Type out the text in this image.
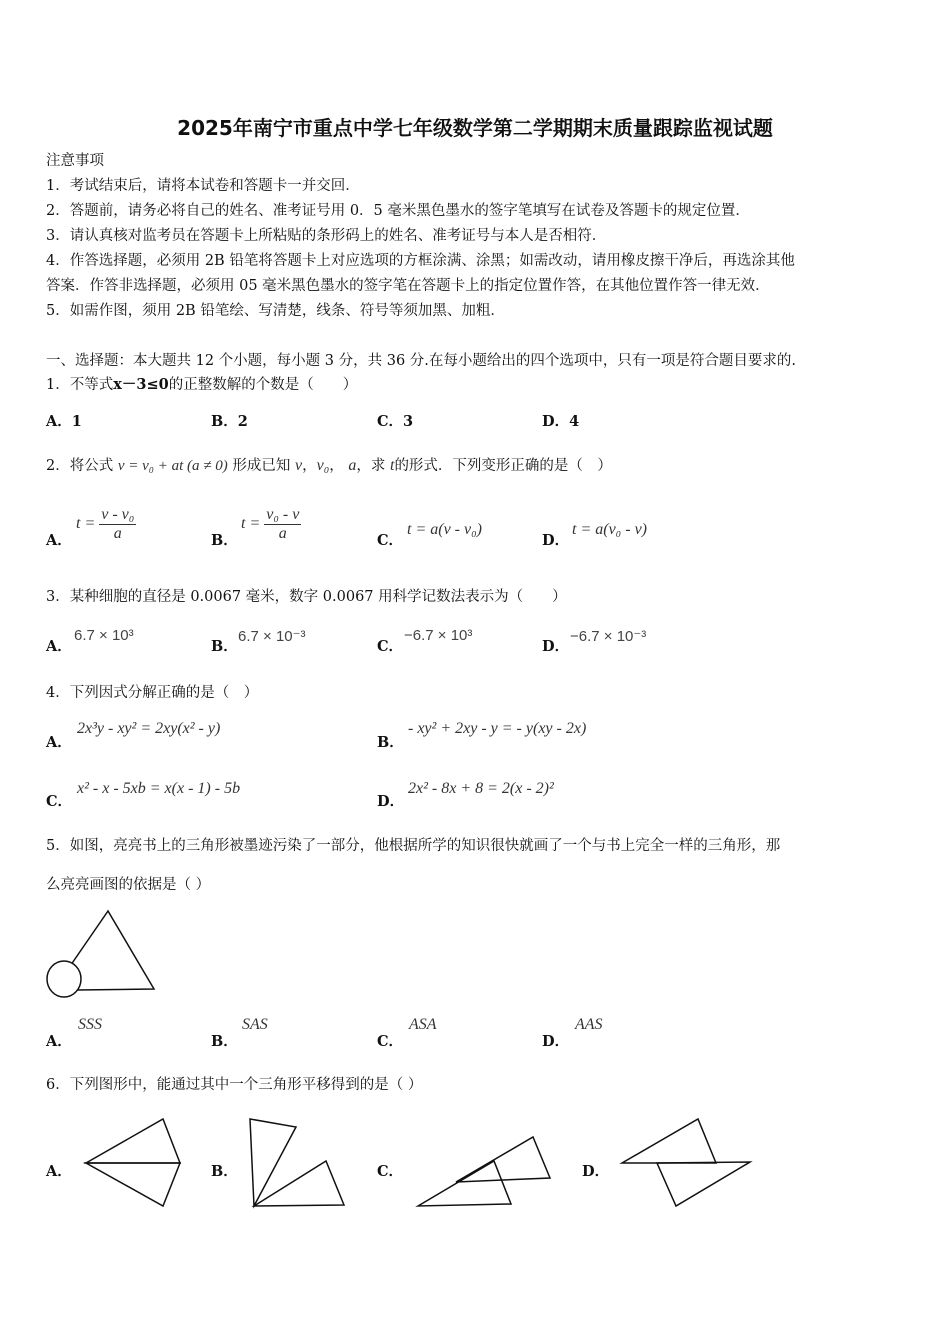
2025年南宁市重点中学七年级数学第二学期期末质量跟踪监视试题
注意事项
1．考试结束后，请将本试卷和答题卡一并交回．
2．答题前，请务必将自己的姓名、准考证号用 0．5 毫米黑色墨水的签字笔填写在试卷及答题卡的规定位置．
3．请认真核对监考员在答题卡上所粘贴的条形码上的姓名、准考证号与本人是否相符．
4．作答选择题，必须用 2B 铅笔将答题卡上对应选项的方框涂满、涂黑；如需改动，请用橡皮擦干净后，再选涂其他
答案．作答非选择题，必须用 05 毫米黑色墨水的签字笔在答题卡上的指定位置作答，在其他位置作答一律无效．
5．如需作图，须用 2B 铅笔绘、写清楚，线条、符号等须加黑、加粗．
一、选择题：本大题共 12 个小题，每小题 3 分，共 36 分.在每小题给出的四个选项中，只有一项是符合题目要求的.
1．不等式x－3≤0的正整数解的个数是（　　）
A．1	B．2	C．3	D．4
2．将公式 v = v₀ + at (a ≠ 0) 形成已知 v，v₀， a，求 t的形式．下列变形正确的是（　）
A．
$t = \frac{\text{v - v₀}}{a}$	B．
$t = \frac{\text{v₀ - v}}{a}$	C．
t = a(v - v₀)
D．
t = a(v₀ - v)
3．某种细胞的直径是 0.0067 毫米，数字 0.0067 用科学记数法表示为（　　）
A．
6.7 × 10³
B．
6.7 × 10⁻³
C．
−6.7 × 10³
D．
−6.7 × 10⁻³
4．下列因式分解正确的是（　）
A．
2x³y - xy² = 2xy(x² - y)
B．
- xy² + 2xy - y = - y(xy - 2x)
C．
x² - x - 5xb = x(x - 1) - 5b
D．
2x² - 8x + 8 = 2(x - 2)²
5．如图，亮亮书上的三角形被墨迹污染了一部分，他根据所学的知识很快就画了一个与书上完全一样的三角形，那
么亮亮画图的依据是（ ）
A．
SSS
B．
SAS
C．
ASA
D．
AAS
6．下列图形中，能通过其中一个三角形平移得到的是（ ）
A．	B．	C．	D．
